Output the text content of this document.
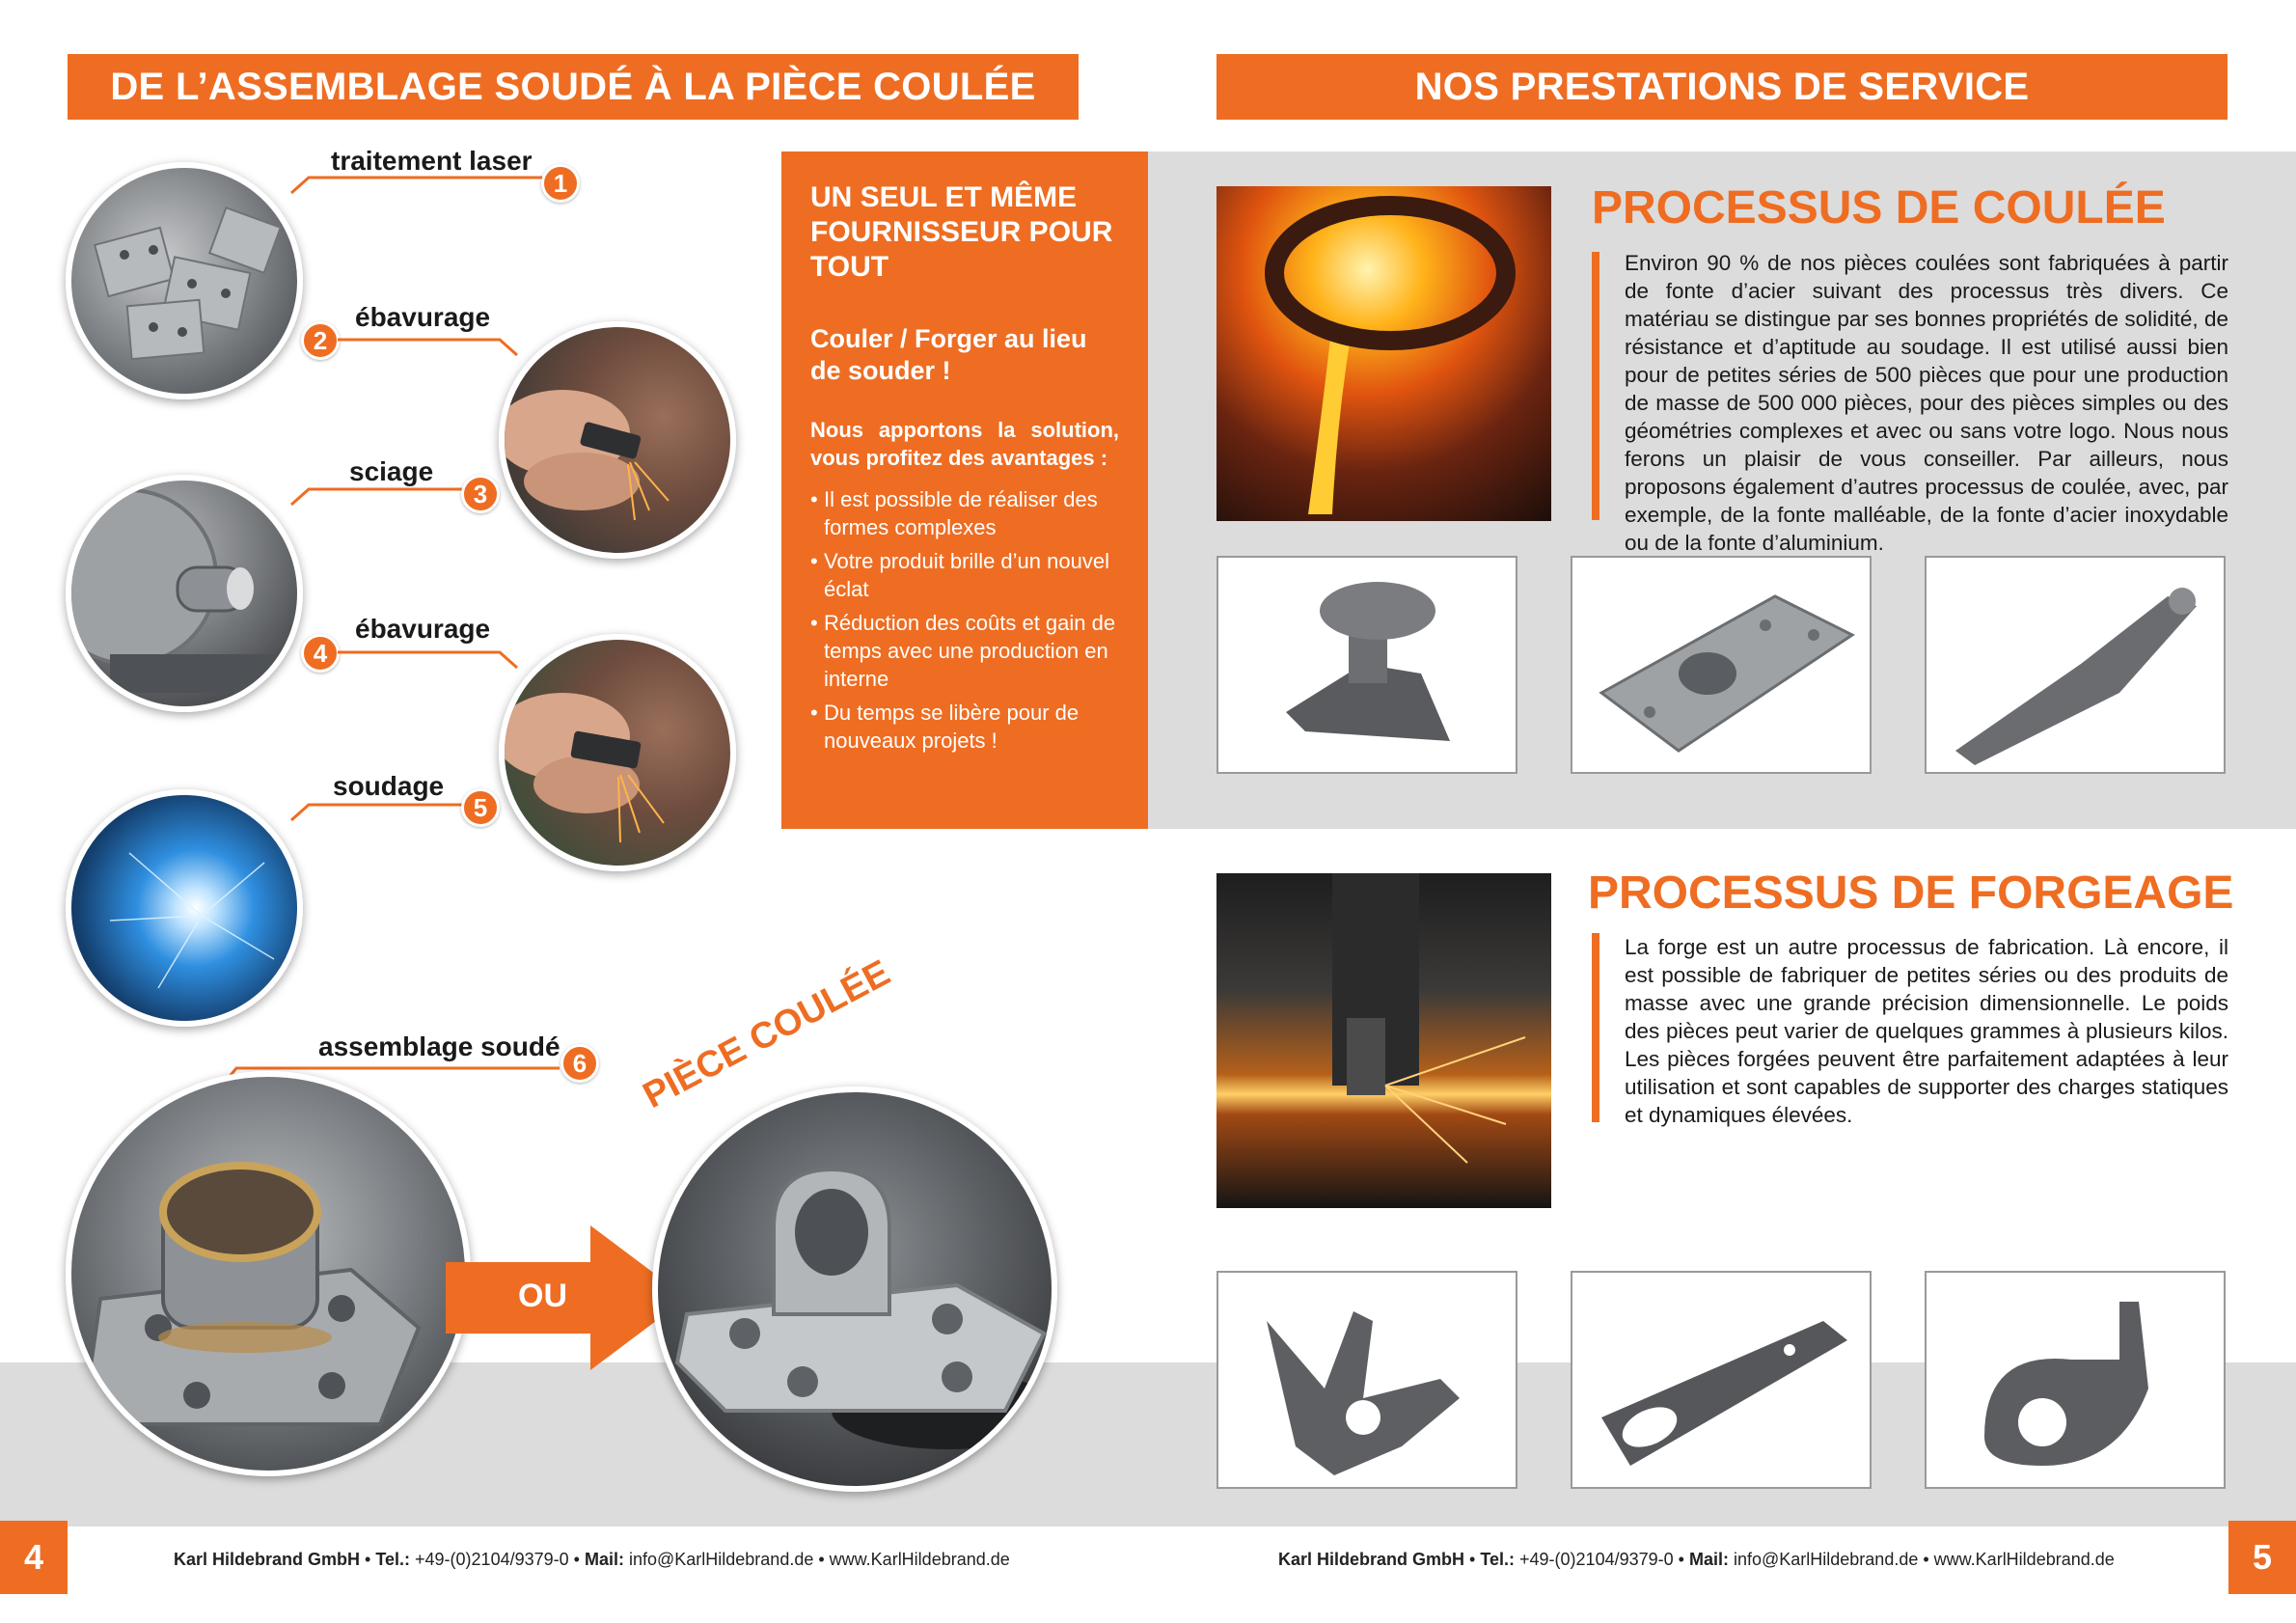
DE L’ASSEMBLAGE SOUDÉ À LA PIÈCE COULÉE
traitement laser
1
2
ébavurage
sciage
3
4
ébavurage
soudage
5
assemblage soudé
6
OU
PIÈCE COULÉE
UN SEUL ET MÊME FOURNISSEUR POUR TOUT
Couler / Forger au lieu de souder !

Nous apportons la solution, vous profitez des avantages :

• Il est possible de réaliser des formes complexes
• Votre produit brille d’un nouvel éclat
• Réduction des coûts et gain de temps avec une production en interne
• Du temps se libère pour de nouveaux projets !
4	Karl Hildebrand GmbH • Tel.: +49-(0)2104/9379-0 • Mail: info@KarlHildebrand.de • www.KarlHildebrand.de
NOS PRESTATIONS DE SERVICE
PROCESSUS DE COULÉE
Environ 90 % de nos pièces coulées sont fabriquées à partir de fonte d’acier suivant des processus très divers. Ce matériau se distingue par ses bonnes propriétés de solidité, de résistance et d’aptitude au soudage. Il est utilisé aussi bien pour de petites séries de 500 pièces que pour une production de masse de 500 000 pièces, pour des pièces simples ou des géométries complexes et avec ou sans votre logo. Nous nous ferons un plaisir de vous conseiller. Par ailleurs, nous proposons également d’autres processus de coulée, avec, par exemple, de la fonte malléable, de la fonte d’acier inoxydable ou de la fonte d’aluminium.
PROCESSUS DE FORGEAGE
La forge est un autre processus de fabrication. Là encore, il est possible de fabriquer de petites séries ou des produits de masse avec une grande précision dimensionnelle. Le poids des pièces peut varier de quelques grammes à plusieurs kilos. Les pièces forgées peuvent être parfaitement adaptées à leur utilisation et sont capables de supporter des charges statiques et dynamiques élevées.
Karl Hildebrand GmbH • Tel.: +49-(0)2104/9379-0 • Mail: info@KarlHildebrand.de • www.KarlHildebrand.de	5
